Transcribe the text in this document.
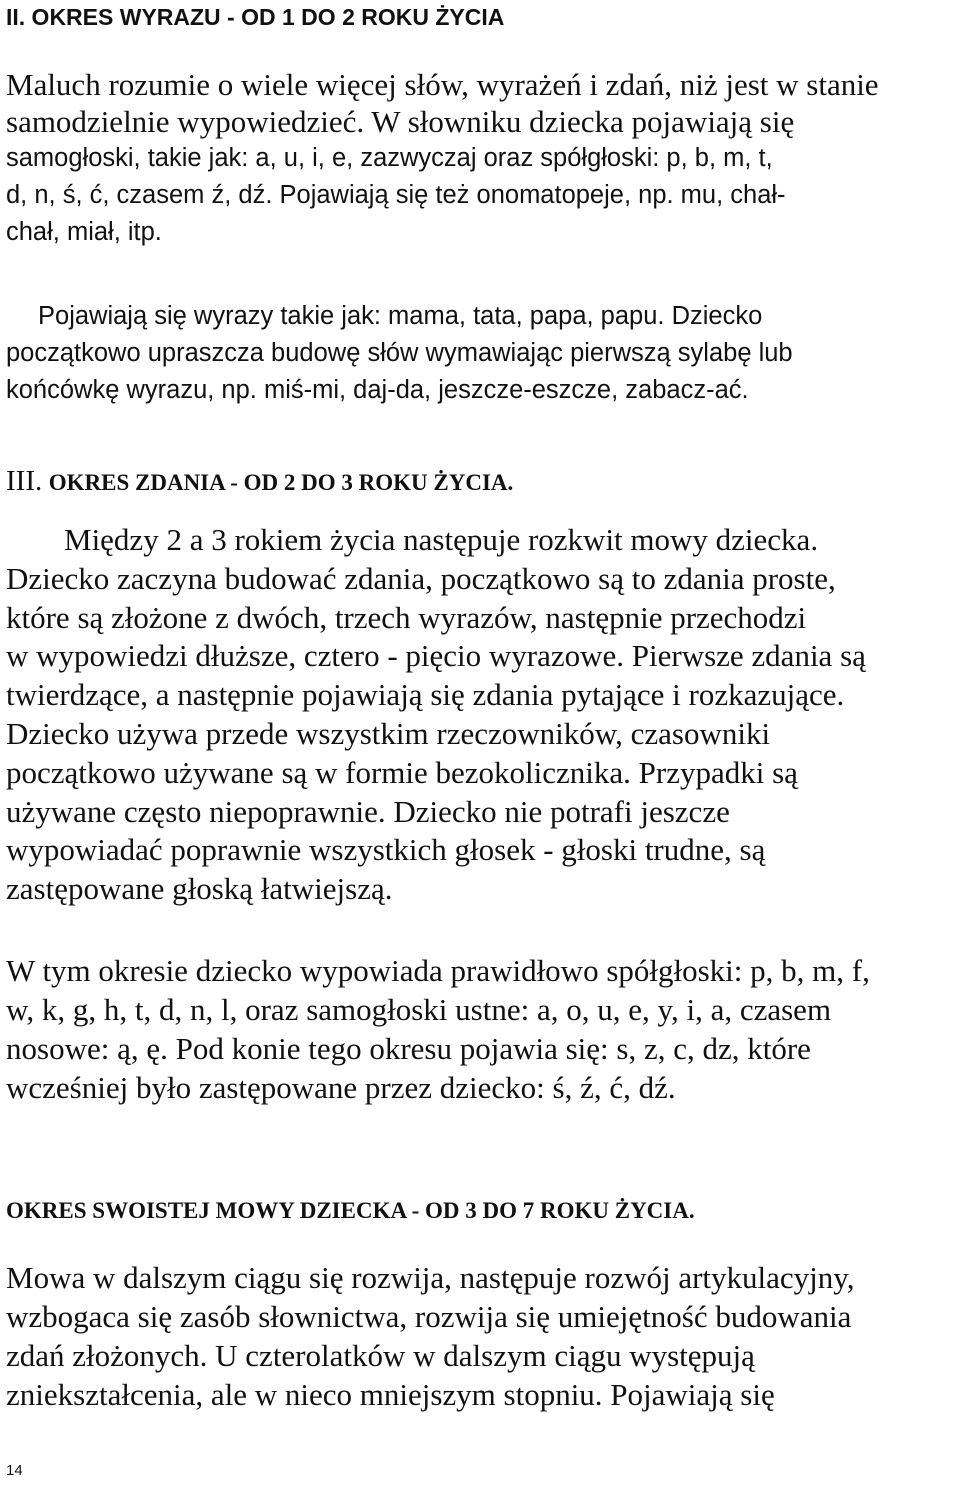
II. OKRES WYRAZU - OD 1 DO 2 ROKU ŻYCIA
Maluch rozumie o wiele więcej słów, wyrażeń i zdań, niż jest w stanie
samodzielnie wypowiedzieć. W słowniku dziecka pojawiają się
samogłoski, takie jak: a, u, i, e, zazwyczaj oraz spółgłoski: p, b, m, t,
d, n, ś, ć, czasem ź, dź. Pojawiają się też onomatopeje, np. mu, chał-
chał, miał, itp.
Pojawiają się wyrazy takie jak: mama, tata, papa, papu. Dziecko
początkowo upraszcza budowę słów wymawiając pierwszą sylabę lub
końcówkę wyrazu, np. miś-mi, daj-da, jeszcze-eszcze, zabacz-ać.
III. OKRES ZDANIA - OD 2 DO 3 ROKU ŻYCIA.
Między 2 a 3 rokiem życia następuje rozkwit mowy dziecka.
Dziecko zaczyna budować zdania, początkowo są to zdania proste,
które są złożone z dwóch, trzech wyrazów, następnie przechodzi
w wypowiedzi dłuższe, cztero - pięcio wyrazowe. Pierwsze zdania są
twierdzące, a następnie pojawiają się zdania pytające i rozkazujące.
Dziecko używa przede wszystkim rzeczowników, czasowniki
początkowo używane są w formie bezokolicznika. Przypadki są
używane często niepoprawnie. Dziecko nie potrafi jeszcze
wypowiadać poprawnie wszystkich głosek - głoski trudne, są
zastępowane głoską łatwiejszą.
W tym okresie dziecko wypowiada prawidłowo spółgłoski: p, b, m, f,
w, k, g, h, t, d, n, l, oraz samogłoski ustne: a, o, u, e, y, i, a, czasem
nosowe: ą, ę. Pod konie tego okresu pojawia się: s, z, c, dz, które
wcześniej było zastępowane przez dziecko: ś, ź, ć, dź.
OKRES SWOISTEJ MOWY DZIECKA - OD 3 DO 7 ROKU ŻYCIA.
Mowa w dalszym ciągu się rozwija, następuje rozwój artykulacyjny,
wzbogaca się zasób słownictwa, rozwija się umiejętność budowania
zdań złożonych. U czterolatków w dalszym ciągu występują
zniekształcenia, ale w nieco mniejszym stopniu. Pojawiają się
14
